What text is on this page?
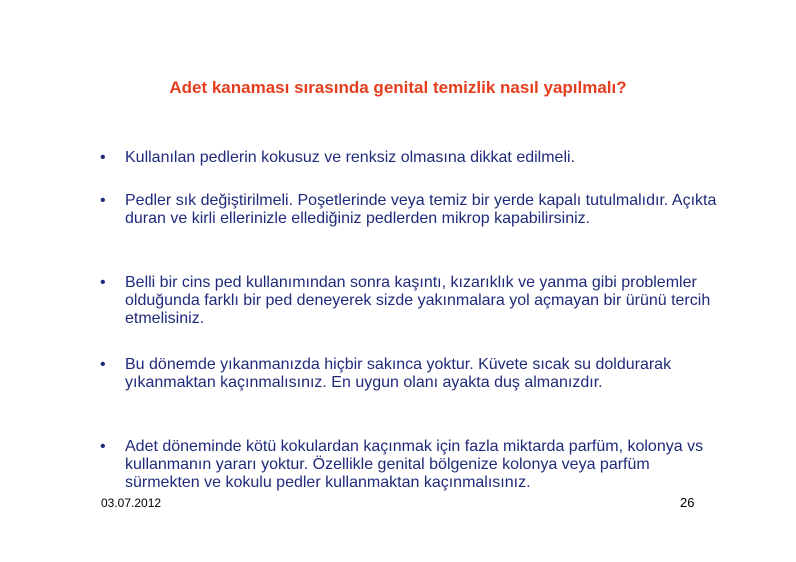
Adet kanaması sırasında genital temizlik nasıl yapılmalı?
• Kullanılan pedlerin kokusuz ve renksiz olmasına dikkat edilmeli.
• Pedler sık değiştirilmeli. Poşetlerinde veya temiz bir yerde kapalı tutulmalıdır. Açıkta duran ve kirli ellerinizle ellediğiniz pedlerden mikrop kapabilirsiniz.
• Belli bir cins ped kullanımından sonra kaşıntı, kızarıklık ve yanma gibi problemler olduğunda farklı bir ped deneyerek sizde yakınmalara yol açmayan bir ürünü tercih etmelisiniz.
• Bu dönemde yıkanmanızda hiçbir sakınca yoktur. Küvete sıcak su doldurarak yıkanmaktan kaçınmalısınız. En uygun olanı ayakta duş almanızdır.
• Adet döneminde kötü kokulardan kaçınmak için fazla miktarda parfüm, kolonya vs kullanmanın yararı yoktur. Özellikle genital bölgenize kolonya veya parfüm sürmekten ve kokulu pedler kullanmaktan kaçınmalısınız.
03.07.2012	26
